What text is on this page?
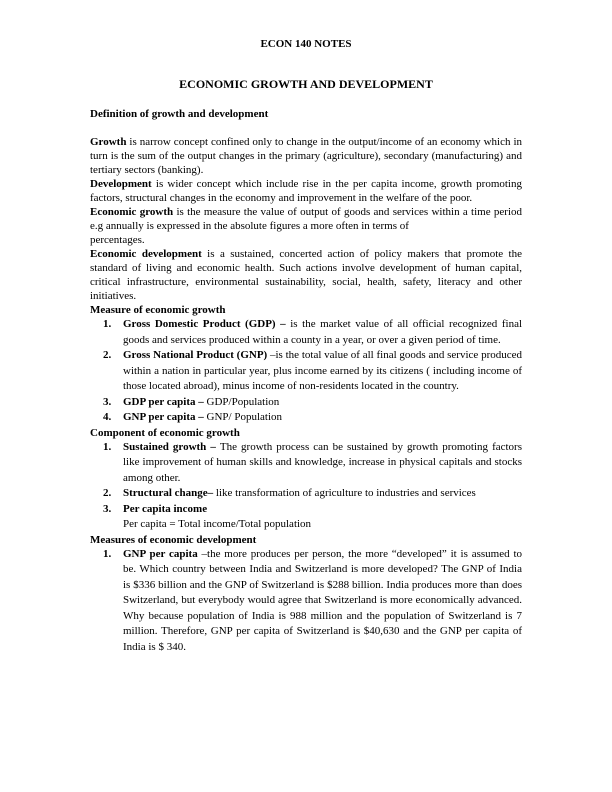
ECON 140 NOTES
ECONOMIC GROWTH AND DEVELOPMENT
Definition of growth and development

Growth is narrow concept confined only to change in the output/income of an economy which in turn is the sum of the output changes in the primary (agriculture), secondary (manufacturing) and tertiary sectors (banking).

Development is wider concept which include rise in the per capita income, growth promoting factors, structural changes in the economy and improvement in the welfare of the poor.

Economic growth is the measure the value of output of goods and services within a time period e.g annually is expressed in the absolute figures a more often in terms of
percentages.

Economic development is a sustained, concerted action of policy makers that promote the standard of living and economic health. Such actions involve development of human capital, critical infrastructure, environmental sustainability, social, health, safety, literacy and other initiatives.

Measure of economic growth
1.	Gross Domestic Product (GDP) – is the market value of all official recognized final goods and services produced within a county in a year, or over a given period of time.
2.	Gross National Product (GNP) –is the total value of all final goods and service produced within a nation in particular year, plus income earned by its citizens ( including income of those located abroad), minus income of non-residents located in the country.
3.	GDP per capita – GDP/Population
4.	GNP per capita – GNP/ Population
Component of economic growth
1.	Sustained growth – The growth process can be sustained by growth promoting factors like improvement of human skills and knowledge, increase in physical capitals and stocks among other.
2.	Structural change– like transformation of agriculture to industries and services
3.	Per capita income
Per capita = Total income/Total population
Measures of economic development
1.	GNP per capita –the more produces per person, the more “developed” it is assumed to be. Which country between India and Switzerland is more developed? The GNP of India is $336 billion and the GNP of Switzerland is $288 billion. India produces more than does Switzerland, but everybody would agree that Switzerland is more economically advanced. Why because population of India is 988 million and the population of Switzerland is 7 million. Therefore, GNP per capita of Switzerland is $40,630 and the GNP per capita of India is $ 340.
